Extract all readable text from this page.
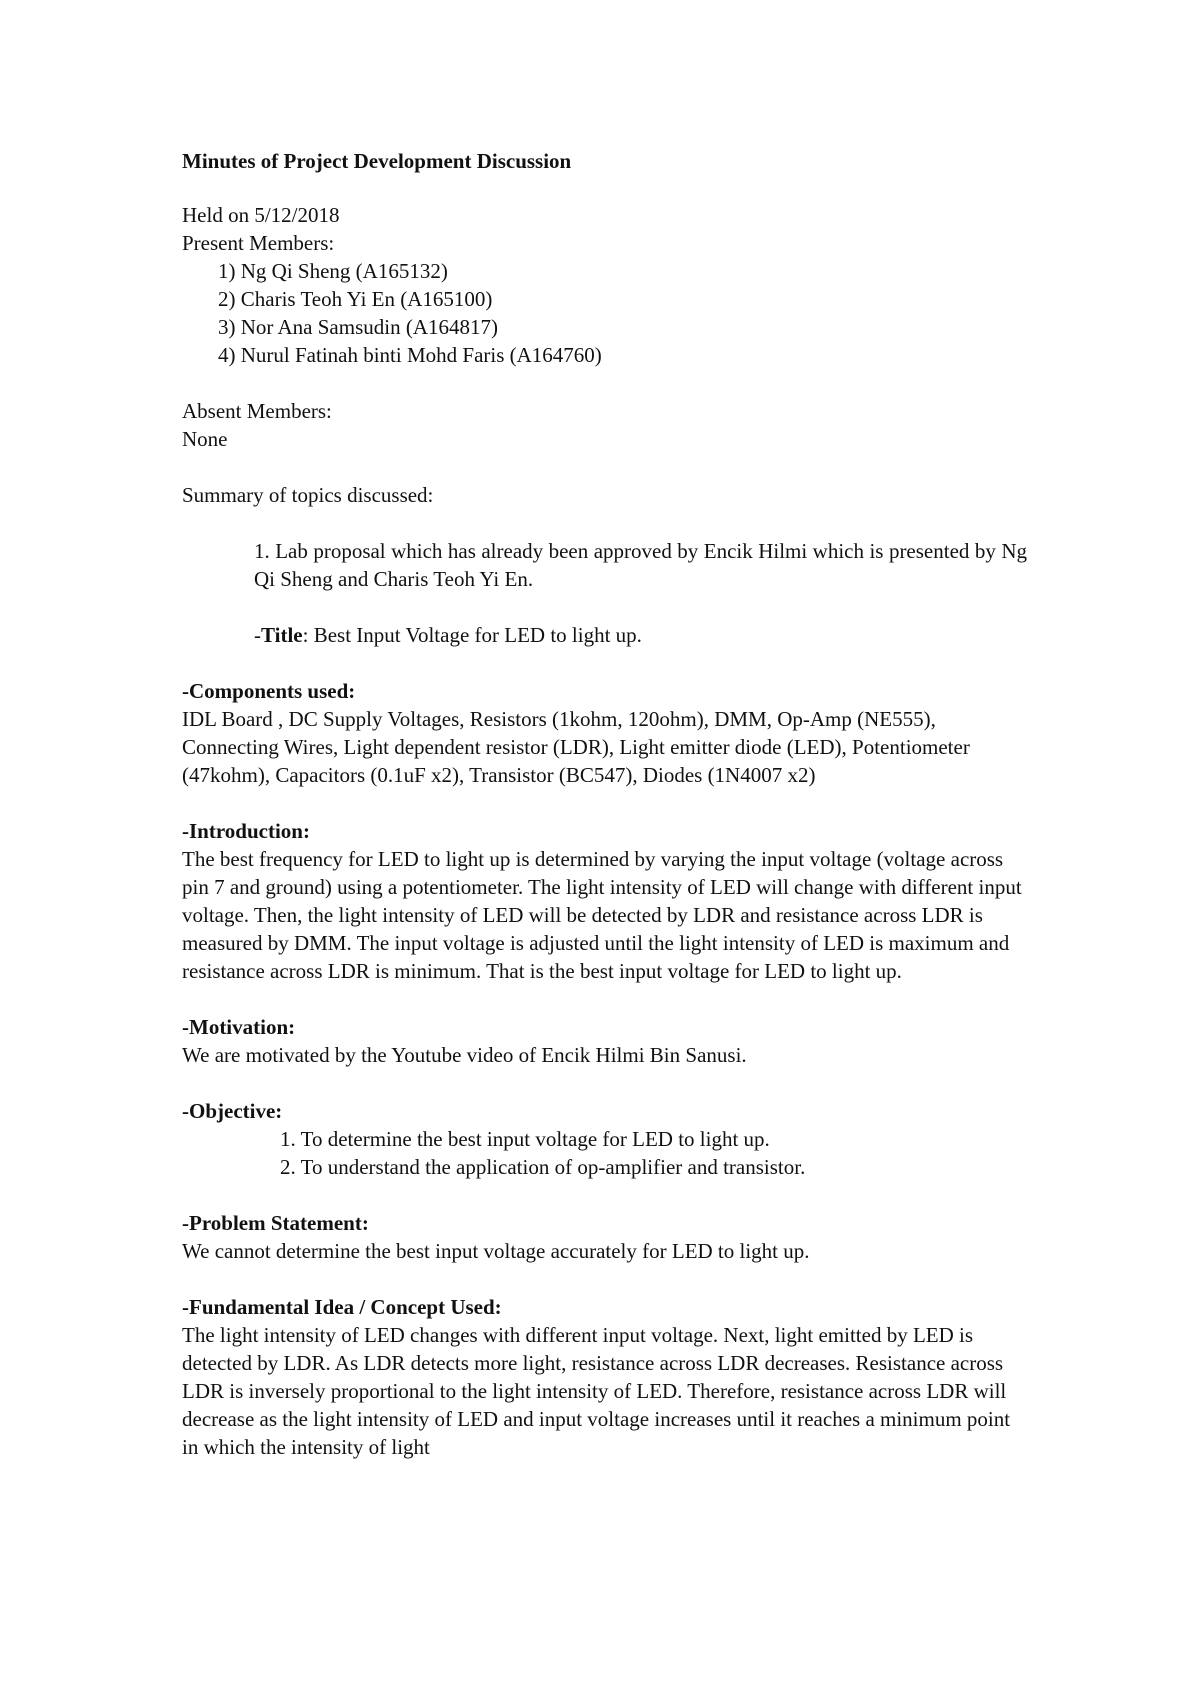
Minutes of Project Development Discussion

Held on 5/12/2018

Present Members:

1) Ng Qi Sheng (A165132)
2) Charis Teoh Yi En (A165100)
3) Nor Ana Samsudin (A164817)
4) Nurul Fatinah binti Mohd Faris (A164760)

Absent Members:

None

Summary of topics discussed:

1. Lab proposal which has already been approved by Encik Hilmi which is presented by Ng Qi Sheng and Charis Teoh Yi En.

-Title: Best Input Voltage for LED to light up.

-Components used:

IDL Board , DC Supply Voltages, Resistors (1kohm, 120ohm), DMM, Op-Amp (NE555), Connecting Wires, Light dependent resistor (LDR), Light emitter diode (LED), Potentiometer (47kohm), Capacitors (0.1uF x2), Transistor (BC547), Diodes (1N4007 x2)

-Introduction:

The best frequency for LED to light up is determined by varying the input voltage (voltage across pin 7 and ground) using a potentiometer. The light intensity of LED will change with different input voltage. Then, the light intensity of LED will be detected by LDR and resistance across LDR is measured by DMM. The input voltage is adjusted until the light intensity of LED is maximum and resistance across LDR is minimum. That is the best input voltage for LED to light up.

-Motivation:

We are motivated by the Youtube video of Encik Hilmi Bin Sanusi.

-Objective:

1. To determine the best input voltage for LED to light up.
2. To understand the application of op-amplifier and transistor.

-Problem Statement:

We cannot determine the best input voltage accurately for LED to light up.

-Fundamental Idea / Concept Used:

The light intensity of LED changes with different input voltage. Next, light emitted by LED is detected by LDR. As LDR detects more light, resistance across LDR decreases. Resistance across LDR is inversely proportional to the light intensity of LED. Therefore, resistance across LDR will decrease as the light intensity of LED and input voltage increases until it reaches a minimum point in which the intensity of light
